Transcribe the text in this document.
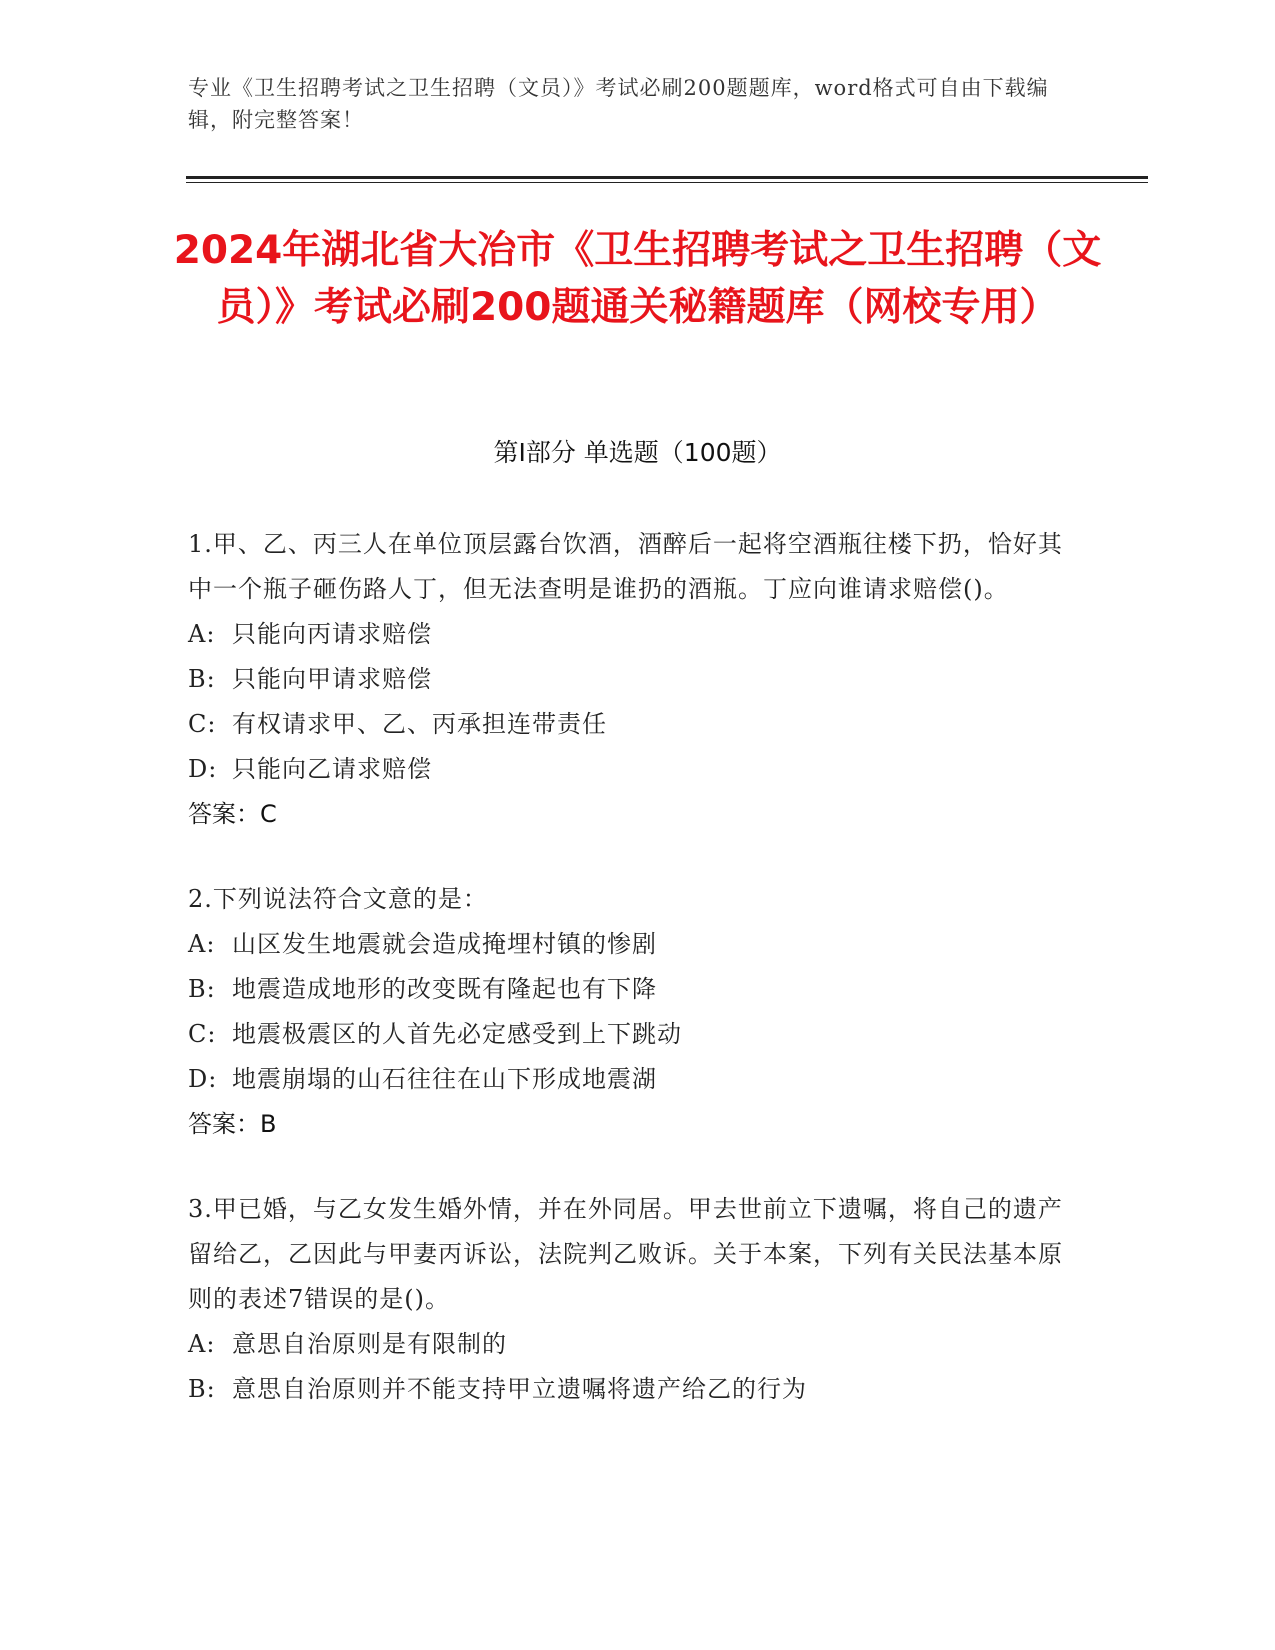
专业《卫生招聘考试之卫生招聘（文员）》考试必刷200题题库，word格式可自由下载编辑，附完整答案！
2024年湖北省大冶市《卫生招聘考试之卫生招聘（文员）》考试必刷200题通关秘籍题库（网校专用）
第Ⅰ部分 单选题（100题）
1.甲、乙、丙三人在单位顶层露台饮酒，酒醉后一起将空酒瓶往楼下扔，恰好其中一个瓶子砸伤路人丁，但无法查明是谁扔的酒瓶。丁应向谁请求赔偿()。
A: 只能向丙请求赔偿
B: 只能向甲请求赔偿
C: 有权请求甲、乙、丙承担连带责任
D: 只能向乙请求赔偿
答案：C
2.下列说法符合文意的是：
A: 山区发生地震就会造成掩埋村镇的惨剧
B: 地震造成地形的改变既有隆起也有下降
C: 地震极震区的人首先必定感受到上下跳动
D: 地震崩塌的山石往往在山下形成地震湖
答案：B
3.甲已婚，与乙女发生婚外情，并在外同居。甲去世前立下遗嘱，将自己的遗产留给乙，乙因此与甲妻丙诉讼，法院判乙败诉。关于本案，下列有关民法基本原则的表述7错误的是()。
A: 意思自治原则是有限制的
B: 意思自治原则并不能支持甲立遗嘱将遗产给乙的行为
